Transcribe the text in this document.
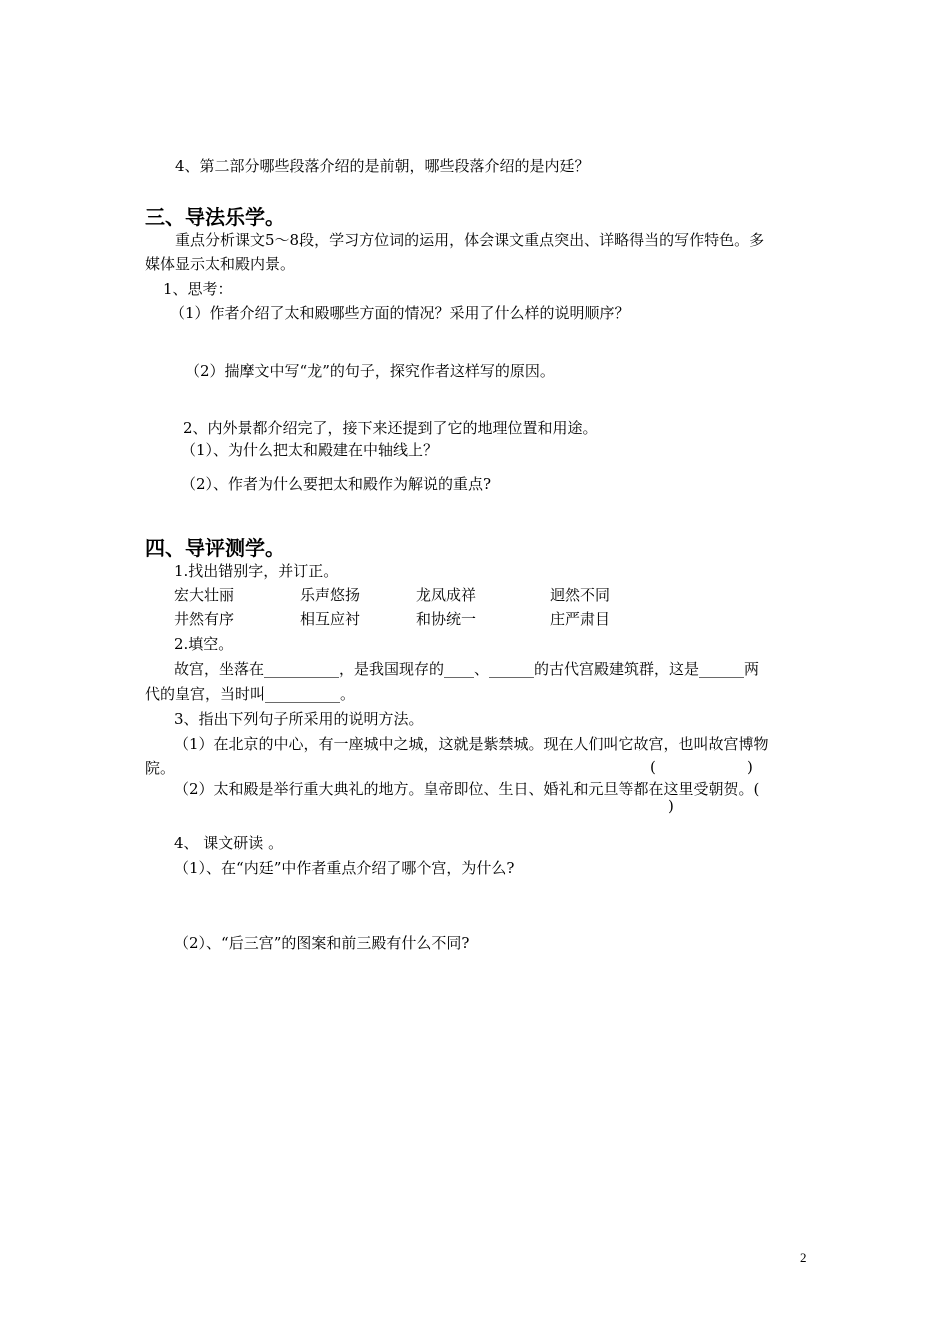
4、第二部分哪些段落介绍的是前朝，哪些段落介绍的是内廷？
三、导法乐学。
重点分析课文5～8段，学习方位词的运用，体会课文重点突出、详略得当的写作特色。多
媒体显示太和殿内景。
1、思考：
（1）作者介绍了太和殿哪些方面的情况？采用了什么样的说明顺序？
（2）揣摩文中写“龙”的句子，探究作者这样写的原因。
2、内外景都介绍完了，接下来还提到了它的地理位置和用途。
（1）、为什么把太和殿建在中轴线上？
（2）、作者为什么要把太和殿作为解说的重点?
四、导评测学。
1.找出错别字，并订正。
宏大壮丽	乐声悠扬	龙凤成祥	迥然不同
井然有序	相互应衬	和协统一	庄严肃目
2.填空。
故宫，坐落在__________，是我国现存的____、______的古代宫殿建筑群，这是______两
代的皇宫，当时叫__________。
3、指出下列句子所采用的说明方法。
（1）在北京的中心，有一座城中之城，这就是紫禁城。现在人们叫它故宫，也叫故宫博物
院。	(	)
（2）太和殿是举行重大典礼的地方。皇帝即位、生日、婚礼和元旦等都在这里受朝贺。(
)
4、 课文研读 。
（1）、在“内廷”中作者重点介绍了哪个宫，为什么?
（2）、“后三宫”的图案和前三殿有什么不同?
2
